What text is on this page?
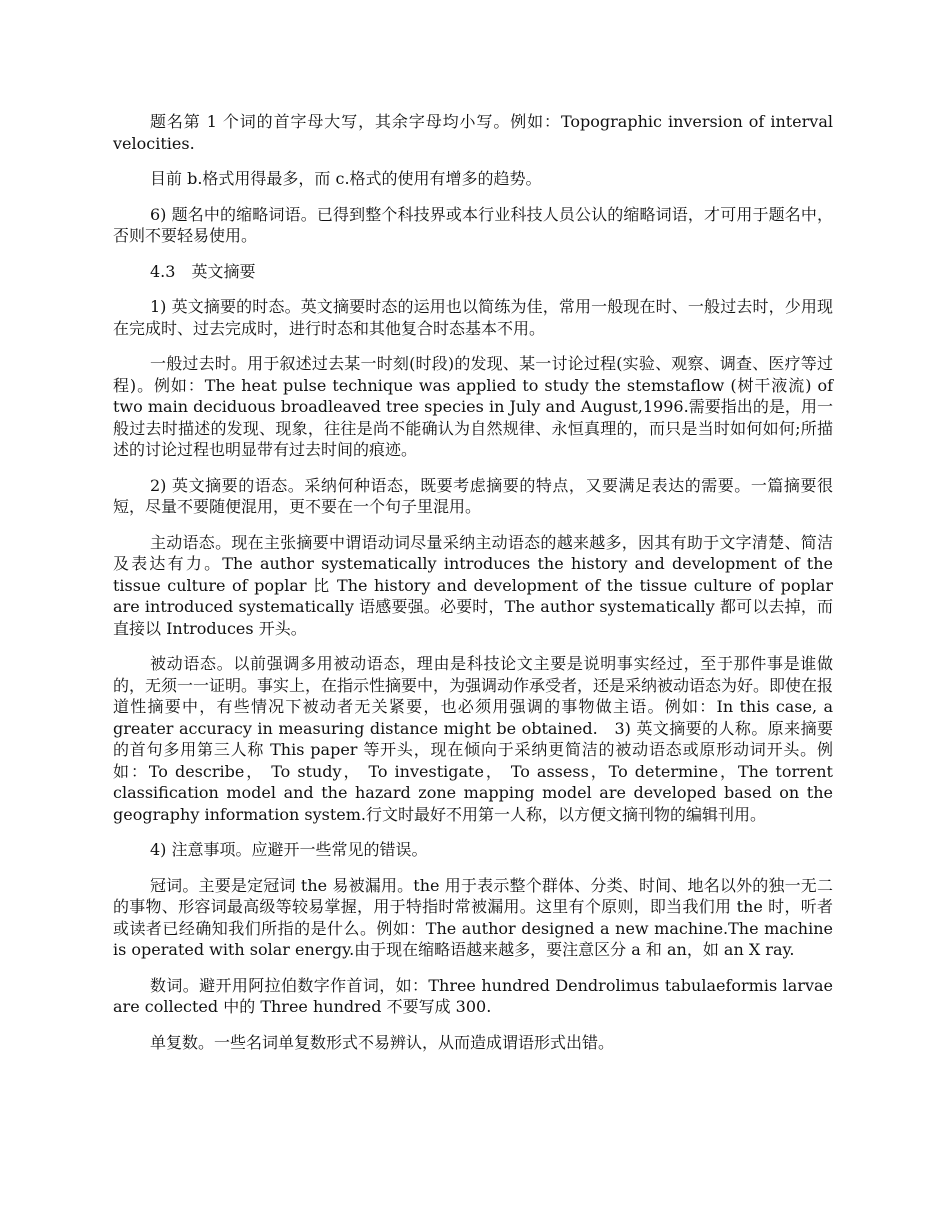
题名第 1 个词的首字母大写，其余字母均小写。例如：Topographic inversion of interval velocities.

目前 b.格式用得最多，而 c.格式的使用有增多的趋势。

6) 题名中的缩略词语。已得到整个科技界或本行业科技人员公认的缩略词语，才可用于题名中，否则不要轻易使用。

4.3　英文摘要

1) 英文摘要的时态。英文摘要时态的运用也以简练为佳，常用一般现在时、一般过去时，少用现在完成时、过去完成时，进行时态和其他复合时态基本不用。

一般过去时。用于叙述过去某一时刻(时段)的发现、某一讨论过程(实验、观察、调查、医疗等过程)。例如：The heat pulse technique was applied to study the stemstaflow (树干液流) of two main deciduous broadleaved tree species in July and August,1996.需要指出的是，用一般过去时描述的发现、现象，往往是尚不能确认为自然规律、永恒真理的，而只是当时如何如何;所描述的讨论过程也明显带有过去时间的痕迹。

2) 英文摘要的语态。采纳何种语态，既要考虑摘要的特点，又要满足表达的需要。一篇摘要很短，尽量不要随便混用，更不要在一个句子里混用。

主动语态。现在主张摘要中谓语动词尽量采纳主动语态的越来越多，因其有助于文字清楚、简洁及表达有力。The author systematically introduces the history and development of the tissue culture of poplar 比 The history and development of the tissue culture of poplar are introduced systematically 语感要强。必要时，The author systematically 都可以去掉，而直接以 Introduces 开头。

被动语态。以前强调多用被动语态，理由是科技论文主要是说明事实经过，至于那件事是谁做的，无须一一证明。事实上，在指示性摘要中，为强调动作承受者，还是采纳被动语态为好。即使在报道性摘要中，有些情况下被动者无关紧要，也必须用强调的事物做主语。例如：In this case, a greater accuracy in measuring distance might be obtained.　3) 英文摘要的人称。原来摘要的首句多用第三人称 This paper 等开头，现在倾向于采纳更简洁的被动语态或原形动词开头。例如：To describe， To study， To investigate， To assess，To determine，The torrent classification model and the hazard zone mapping model are developed based on the geography information system.行文时最好不用第一人称，以方便文摘刊物的编辑刊用。

4) 注意事项。应避开一些常见的错误。

冠词。主要是定冠词 the 易被漏用。the 用于表示整个群体、分类、时间、地名以外的独一无二的事物、形容词最高级等较易掌握，用于特指时常被漏用。这里有个原则，即当我们用 the 时，听者或读者已经确知我们所指的是什么。例如：The author designed a new machine.The machine is operated with solar energy.由于现在缩略语越来越多，要注意区分 a 和 an，如 an X ray.

数词。避开用阿拉伯数字作首词，如：Three hundred Dendrolimus tabulaeformis larvae are collected 中的 Three hundred 不要写成 300.

单复数。一些名词单复数形式不易辨认，从而造成谓语形式出错。
